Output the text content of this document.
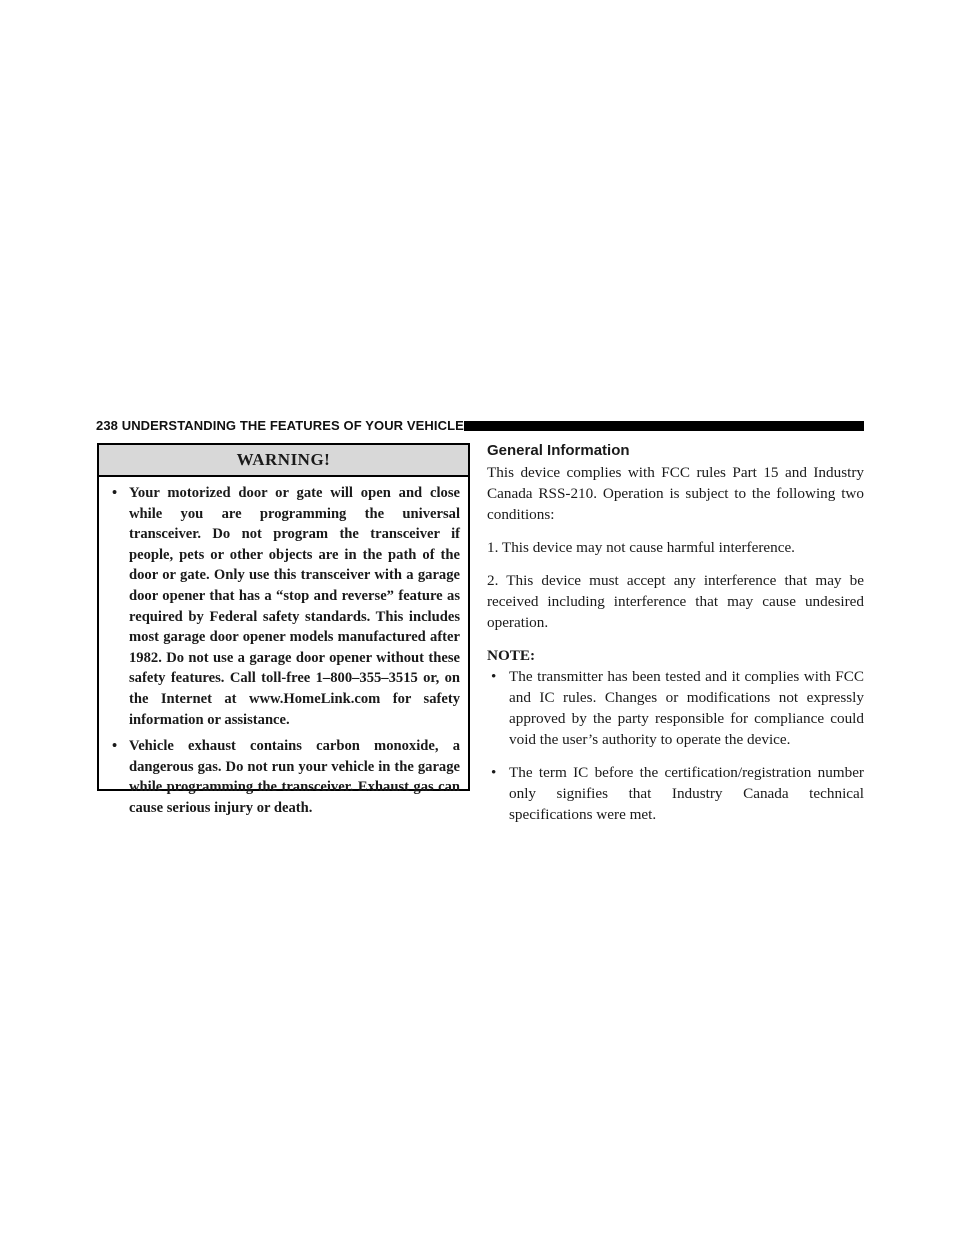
238 UNDERSTANDING THE FEATURES OF YOUR VEHICLE
WARNING!
• Your motorized door or gate will open and close while you are programming the universal transceiver. Do not program the transceiver if people, pets or other objects are in the path of the door or gate. Only use this transceiver with a garage door opener that has a “stop and reverse” feature as required by Federal safety standards. This includes most garage door opener models manufactured after 1982. Do not use a garage door opener without these safety features. Call toll-free 1–800–355–3515 or, on the Internet at www.HomeLink.com for safety information or assistance.
• Vehicle exhaust contains carbon monoxide, a dangerous gas. Do not run your vehicle in the garage while programming the transceiver. Exhaust gas can cause serious injury or death.
General Information

This device complies with FCC rules Part 15 and Industry Canada RSS-210. Operation is subject to the following two conditions:

1. This device may not cause harmful interference.

2. This device must accept any interference that may be received including interference that may cause undesired operation.

NOTE:

• The transmitter has been tested and it complies with FCC and IC rules. Changes or modifications not expressly approved by the party responsible for compliance could void the user’s authority to operate the device.
• The term IC before the certification/registration number only signifies that Industry Canada technical specifications were met.
